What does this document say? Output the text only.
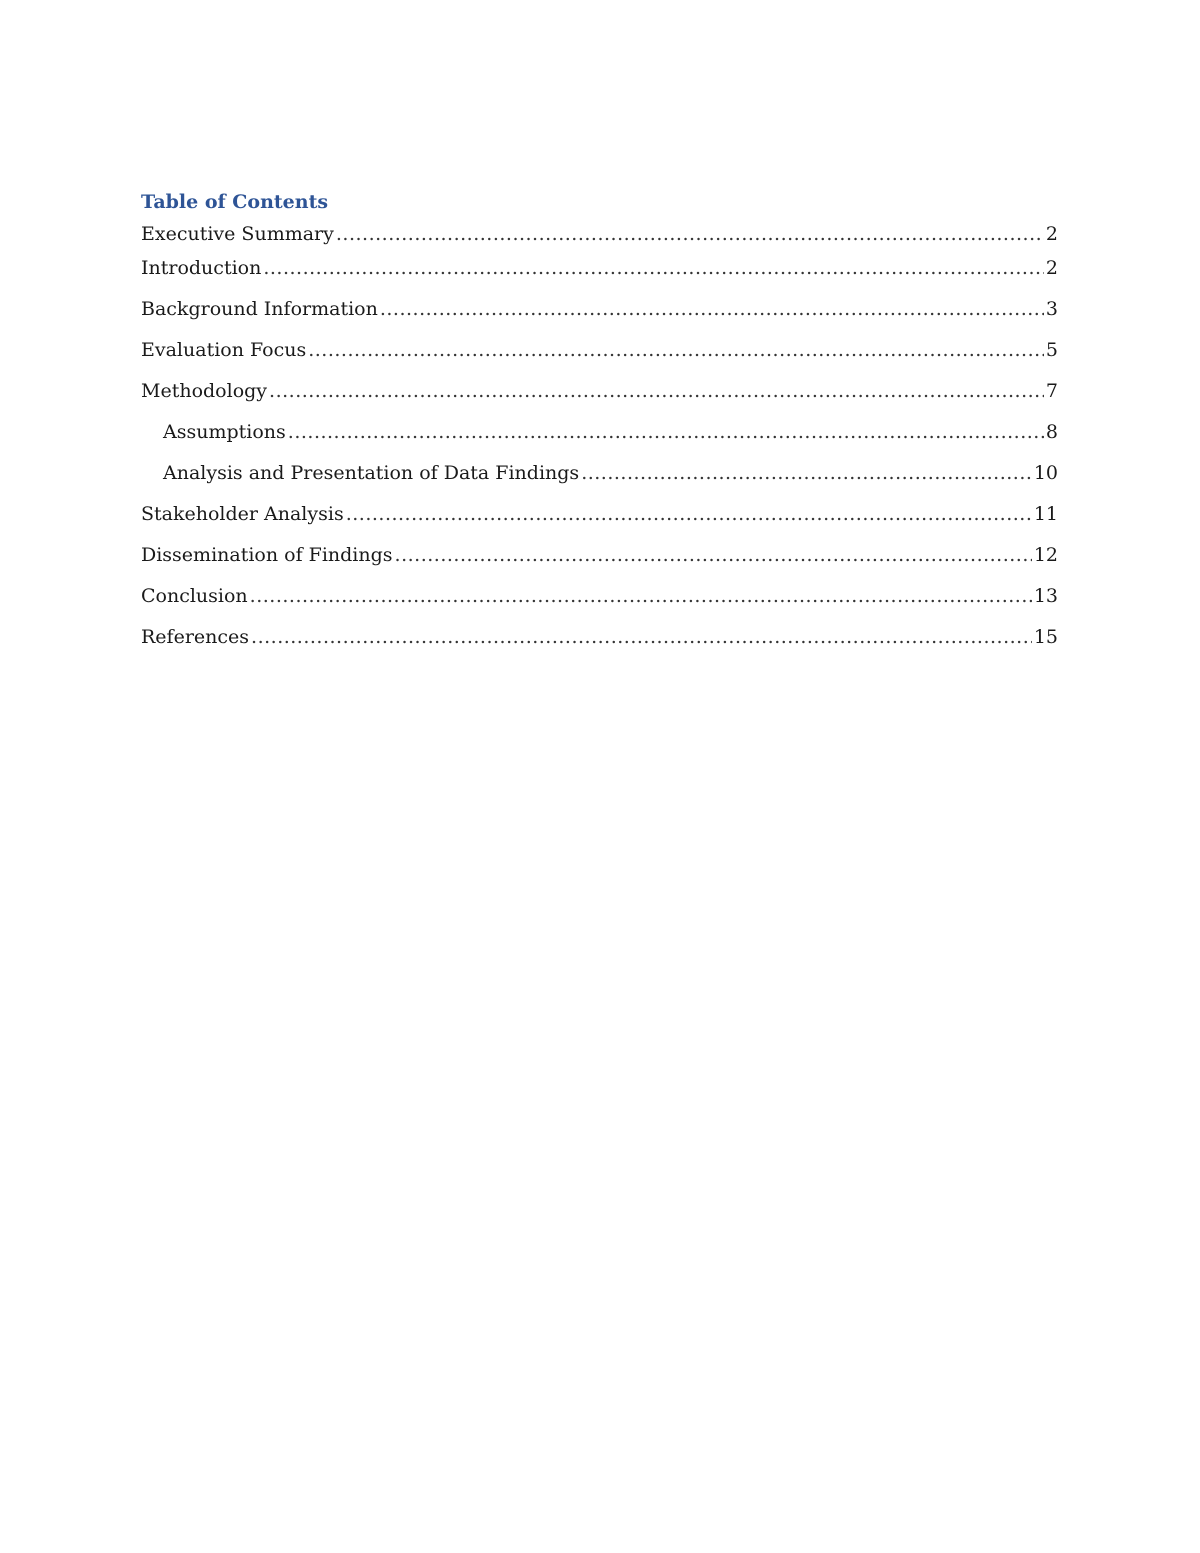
Table of Contents
Executive Summary .....	2
Introduction .....	2
Background Information .....	3
Evaluation Focus .....	5
Methodology .....	7
Assumptions .....	8
Analysis and Presentation of Data Findings .....	10
Stakeholder Analysis .....	11
Dissemination of Findings .....	12
Conclusion .....	13
References .....	15
